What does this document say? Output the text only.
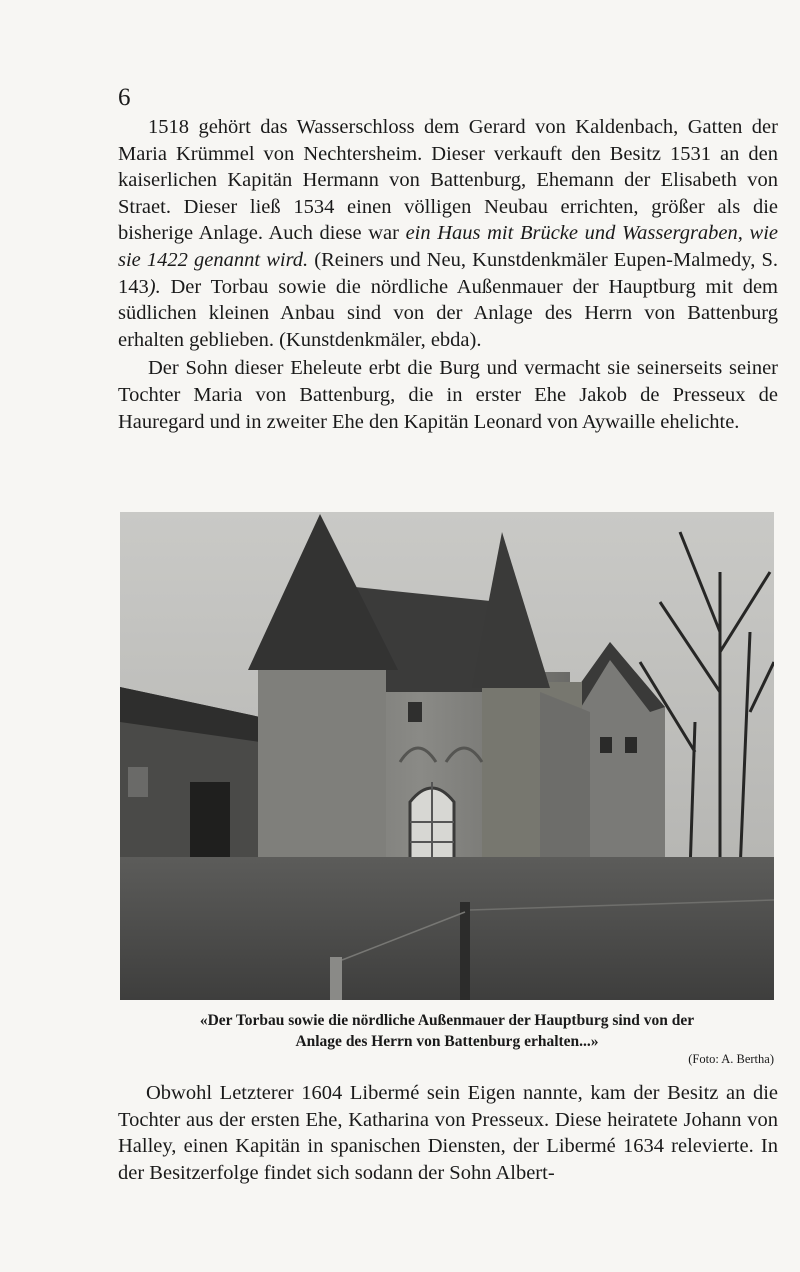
6

1518 gehört das Wasserschloss dem Gerard von Kaldenbach, Gatten der Maria Krümmel von Nechtersheim. Dieser verkauft den Besitz 1531 an den kaiserlichen Kapitän Hermann von Battenburg, Ehemann der Elisabeth von Straet. Dieser ließ 1534 einen völligen Neubau errichten, größer als die bisherige Anlage. Auch diese war ein Haus mit Brücke und Wassergraben, wie sie 1422 genannt wird. (Reiners und Neu, Kunstdenkmäler Eupen-Malmedy, S. 143). Der Torbau sowie die nördliche Außenmauer der Hauptburg mit dem südlichen kleinen Anbau sind von der Anlage des Herrn von Battenburg erhalten geblieben. (Kunstdenkmäler, ebda).

Der Sohn dieser Eheleute erbt die Burg und vermacht sie seinerseits seiner Tochter Maria von Battenburg, die in erster Ehe Jakob de Presseux de Hauregard und in zweiter Ehe den Kapitän Leonard von Aywaille ehelichte.

«Der Torbau sowie die nördliche Außenmauer der Hauptburg sind von der
Anlage des Herrn von Battenburg erhalten...»
(Foto: A. Bertha)

Obwohl Letzterer 1604 Libermé sein Eigen nannte, kam der Besitz an die Tochter aus der ersten Ehe, Katharina von Presseux. Diese heiratete Johann von Halley, einen Kapitän in spanischen Diensten, der Libermé 1634 relevierte. In der Besitzerfolge findet sich sodann der Sohn Albert-
